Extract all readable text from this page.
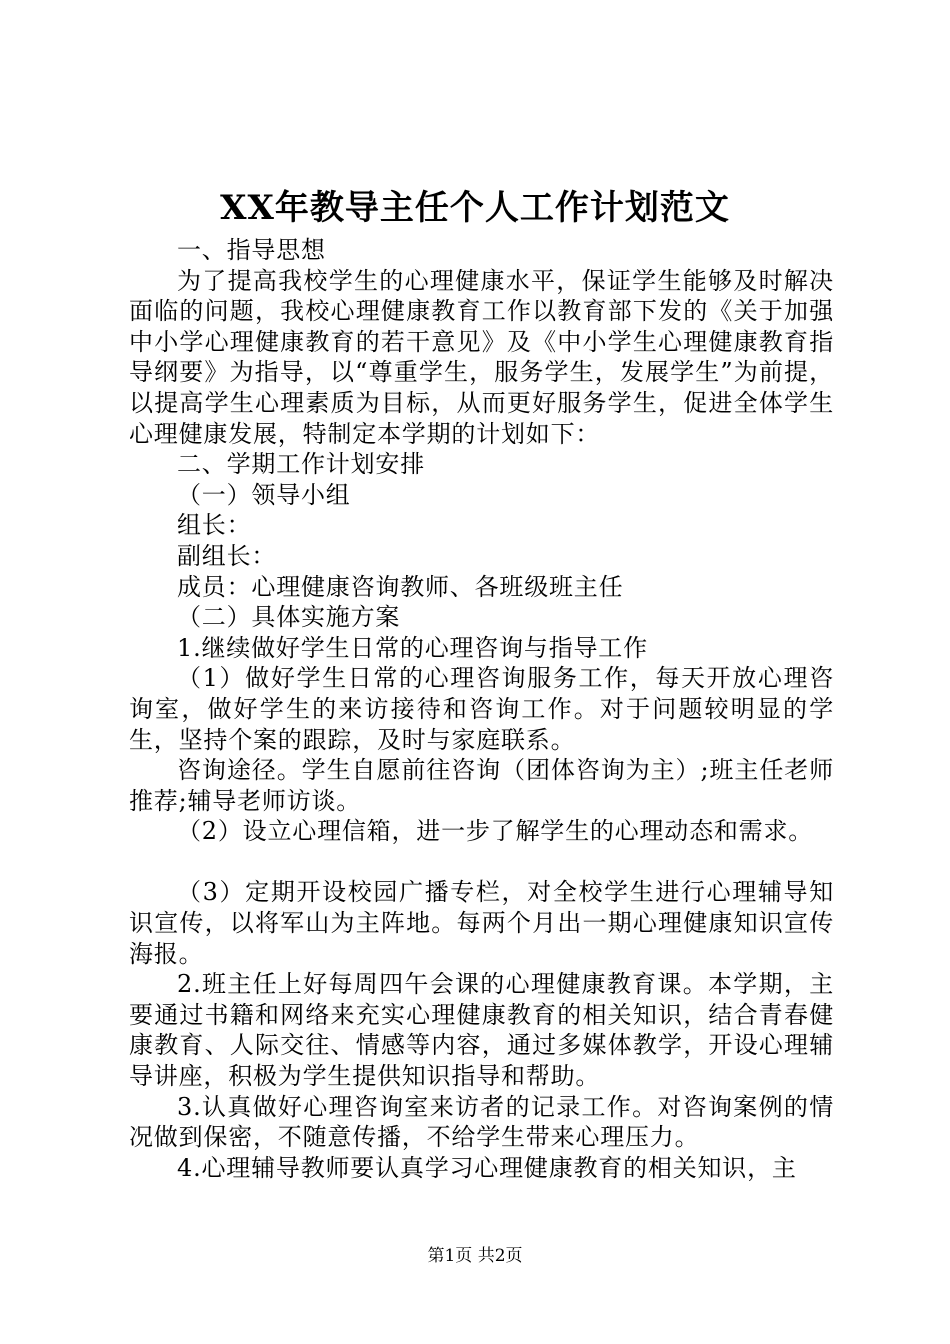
XX年教导主任个人工作计划范文

一、指导思想

为了提高我校学生的心理健康水平，保证学生能够及时解决面临的问题，我校心理健康教育工作以教育部下发的《关于加强中小学心理健康教育的若干意见》及《中小学生心理健康教育指导纲要》为指导，以“尊重学生，服务学生，发展学生”为前提，以提高学生心理素质为目标，从而更好服务学生，促进全体学生心理健康发展，特制定本学期的计划如下：

二、学期工作计划安排

（一）领导小组

组长：

副组长：

成员：心理健康咨询教师、各班级班主任

（二）具体实施方案

1.继续做好学生日常的心理咨询与指导工作

（1）做好学生日常的心理咨询服务工作，每天开放心理咨询室，做好学生的来访接待和咨询工作。对于问题较明显的学生，坚持个案的跟踪，及时与家庭联系。

咨询途径。学生自愿前往咨询（团体咨询为主）;班主任老师推荐;辅导老师访谈。

（2）设立心理信箱，进一步了解学生的心理动态和需求。

（3）定期开设校园广播专栏，对全校学生进行心理辅导知识宣传，以将军山为主阵地。每两个月出一期心理健康知识宣传海报。

2.班主任上好每周四午会课的心理健康教育课。本学期，主要通过书籍和网络来充实心理健康教育的相关知识，结合青春健康教育、人际交往、情感等内容，通过多媒体教学，开设心理辅导讲座，积极为学生提供知识指导和帮助。

3.认真做好心理咨询室来访者的记录工作。对咨询案例的情况做到保密，不随意传播，不给学生带来心理压力。

4.心理辅导教师要认真学习心理健康教育的相关知识，主

第1页 共2页
